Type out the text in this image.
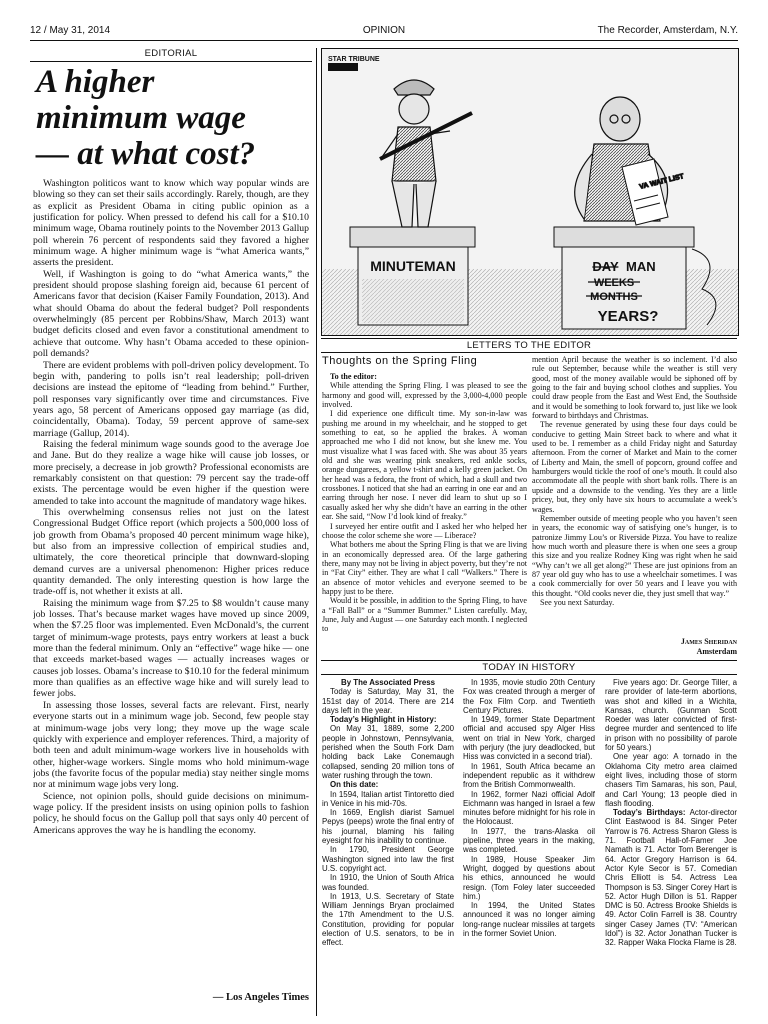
12 / May 31, 2014	OPINION	The Recorder, Amsterdam, N.Y.
EDITORIAL
A higher
minimum wage
— at what cost?

Washington politicos want to know which way popular winds are blowing so they can set their sails accordingly. Rarely, though, are they as explicit as President Obama in citing public opinion as a justification for policy. When pressed to defend his call for a $10.10 minimum wage, Obama routinely points to the November 2013 Gallup poll wherein 76 percent of respondents said they favored a higher minimum wage. A higher minimum wage is “what America wants,” asserts the president.

Well, if Washington is going to do “what America wants,” the president should propose slashing foreign aid, because 61 percent of Americans favor that decision (Kaiser Family Foundation, 2013). And what should Obama do about the federal budget? Poll respondents overwhelmingly (85 percent per Robbins/Shaw, March 2013) want budget deficits closed and even favor a constitutional amendment to achieve that outcome. Why hasn’t Obama acceded to these opinion-poll demands?

There are evident problems with poll-driven policy development. To begin with, pandering to polls isn’t real leadership; poll-driven decisions are instead the epitome of “leading from behind.” Further, poll responses vary significantly over time and circumstances. Five years ago, 58 percent of Americans opposed gay marriage (as did, coincidentally, Obama). Today, 59 percent approve of same-sex marriage (Gallup, 2014).

Raising the federal minimum wage sounds good to the average Joe and Jane. But do they realize a wage hike will cause job losses, or more precisely, a decrease in job growth? Professional economists are remarkably consistent on that question: 79 percent say the trade-off exists. The percentage would be even higher if the question were amended to take into account the magnitude of mandatory wage hikes.

This overwhelming consensus relies not just on the latest Congressional Budget Office report (which projects a 500,000 loss of job growth from Obama’s proposed 40 percent minimum wage hike), but also from an impressive collection of empirical studies and, ultimately, the core theoretical principle that downward-sloping demand curves are a universal phenomenon: Higher prices reduce quantity demanded. The only interesting question is how large the trade-off is, not whether it exists at all.

Raising the minimum wage from $7.25 to $8 wouldn’t cause many job losses. That’s because market wages have moved up since 2009, when the $7.25 floor was implemented. Even McDonald’s, the current target of minimum-wage protests, pays entry workers at least a buck more than the federal minimum. Only an “effective” wage hike — one that exceeds market-based wages — actually increases wages or causes job losses. Obama’s increase to $10.10 for the federal minimum more than qualifies as an effective wage hike and will surely lead to fewer jobs.

In assessing those losses, several facts are relevant. First, nearly everyone starts out in a minimum wage job. Second, few people stay at minimum-wage jobs very long; they move up the wage scale quickly with experience and employer references. Third, a majority of both teen and adult minimum-wage workers live in households with other, higher-wage workers. Single moms who hold minimum-wage jobs (the favorite focus of the popular media) stay neither single moms nor at minimum wage jobs very long.

Science, not opinion polls, should guide decisions on minimum-wage policy. If the president insists on using opinion polls to fashion policy, he should focus on the Gallup poll that says only 40 percent of Americans approves the way he is handling the economy.

— Los Angeles Times
STAR TRIBUNE
MINUTEMAN	DAY MAN
WEEKS
MONTHS
YEARS?
VA WAIT LIST
LETTERS TO THE EDITOR
Thoughts on the Spring Fling

To the editor:

While attending the Spring Fling. I was pleased to see the harmony and good will, expressed by the 3,000-4,000 people involved.

I did experience one difficult time. My son-in-law was pushing me around in my wheelchair, and he stopped to get something to eat, so he applied the brakes. A woman approached me who I did not know, but she knew me. You must visualize what I was faced with. She was about 35 years old and she was wearing pink sneakers, red ankle socks, orange dungarees, a yellow t-shirt and a kelly green jacket. On her head was a fedora, the front of which, had a skull and two crossbones. I noticed that she had an earring in one ear and an earring through her nose. I never did learn to shut up so I casually asked her why she didn’t have an earring in the other ear. She said, “Now I’d look kind of freaky.”

I surveyed her entire outfit and I asked her who helped her choose the color scheme she wore — Liberace?

What bothers me about the Spring Fling is that we are living in an economically depressed area. Of the large gathering there, many may not be living in abject poverty, but they’re not in “Fat City” either. They are what I call “Walkers.” There is an absence of motor vehicles and everyone seemed to be happy just to be there.

Would it be possible, in addition to the Spring Fling, to have a “Fall Ball” or a “Summer Bummer.” Listen carefully. May, June, July and August — one Saturday each month. I neglected to

mention April because the weather is so inclement. I’d also rule out September, because while the weather is still very good, most of the money available would be siphoned off by going to the fair and buying school clothes and supplies. You could draw people from the East and West End, the Southside and it would be something to look forward to, just like we look forward to birthdays and Christmas.

The revenue generated by using these four days could be conducive to getting Main Street back to where and what it used to be. I remember as a child Friday night and Saturday afternoon. From the corner of Market and Main to the corner of Liberty and Main, the smell of popcorn, ground coffee and hamburgers would tickle the roof of one’s mouth. It could also accommodate all the people with short bank rolls. There is an upside and a downside to the vending. Yes they are a little pricey, but, they only have six hours to accumulate a week’s wages.

Remember outside of meeting people who you haven’t seen in years, the economic way of satisfying one’s hunger, is to patronize Jimmy Lou’s or Riverside Pizza. You have to realize how much worth and pleasure there is when one sees a group this size and you realize Rodney King was right when he said “Why can’t we all get along?” These are just opinions from an 87 year old guy who has to use a wheelchair sometimes. I was a cook commercially for over 50 years and I leave you with this thought. “Old cooks never die, they just smell that way.”

See you next Saturday.

James Sheridan
Amsterdam
TODAY IN HISTORY

By The Associated Press

Today is Saturday, May 31, the 151st day of 2014. There are 214 days left in the year.

Today’s Highlight in History:

On May 31, 1889, some 2,200 people in Johnstown, Pennsylvania, perished when the South Fork Dam holding back Lake Conemaugh collapsed, sending 20 million tons of water rushing through the town.

On this date:

In 1594, Italian artist Tintoretto died in Venice in his mid-70s.

In 1669, English diarist Samuel Pepys (peeps) wrote the final entry of his journal, blaming his failing eyesight for his inability to continue.

In 1790, President George Washington signed into law the first U.S. copyright act.

In 1910, the Union of South Africa was founded.

In 1913, U.S. Secretary of State William Jennings Bryan proclaimed the 17th Amendment to the U.S. Constitution, providing for popular election of U.S. senators, to be in effect.

In 1935, movie studio 20th Century Fox was created through a merger of the Fox Film Corp. and Twentieth Century Pictures.

In 1949, former State Department official and accused spy Alger Hiss went on trial in New York, charged with perjury (the jury deadlocked, but Hiss was convicted in a second trial).

In 1961, South Africa became an independent republic as it withdrew from the British Commonwealth.

In 1962, former Nazi official Adolf Eichmann was hanged in Israel a few minutes before midnight for his role in the Holocaust.

In 1977, the trans-Alaska oil pipeline, three years in the making, was completed.

In 1989, House Speaker Jim Wright, dogged by questions about his ethics, announced he would resign. (Tom Foley later succeeded him.)

In 1994, the United States announced it was no longer aiming long-range nuclear missiles at targets in the former Soviet Union.

Five years ago: Dr. George Tiller, a rare provider of late-term abortions, was shot and killed in a Wichita, Kansas, church. (Gunman Scott Roeder was later convicted of first-degree murder and sentenced to life in prison with no possibility of parole for 50 years.)

One year ago: A tornado in the Oklahoma City metro area claimed eight lives, including those of storm chasers Tim Samaras, his son, Paul, and Carl Young; 13 people died in flash flooding.

Today’s Birthdays: Actor-director Clint Eastwood is 84. Singer Peter Yarrow is 76. Actress Sharon Gless is 71. Football Hall-of-Famer Joe Namath is 71. Actor Tom Berenger is 64. Actor Gregory Harrison is 64. Actor Kyle Secor is 57. Comedian Chris Elliott is 54. Actress Lea Thompson is 53. Singer Corey Hart is 52. Actor Hugh Dillon is 51. Rapper DMC is 50. Actress Brooke Shields is 49. Actor Colin Farrell is 38. Country singer Casey James (TV: “American Idol”) is 32. Actor Jonathan Tucker is 32. Rapper Waka Flocka Flame is 28.
